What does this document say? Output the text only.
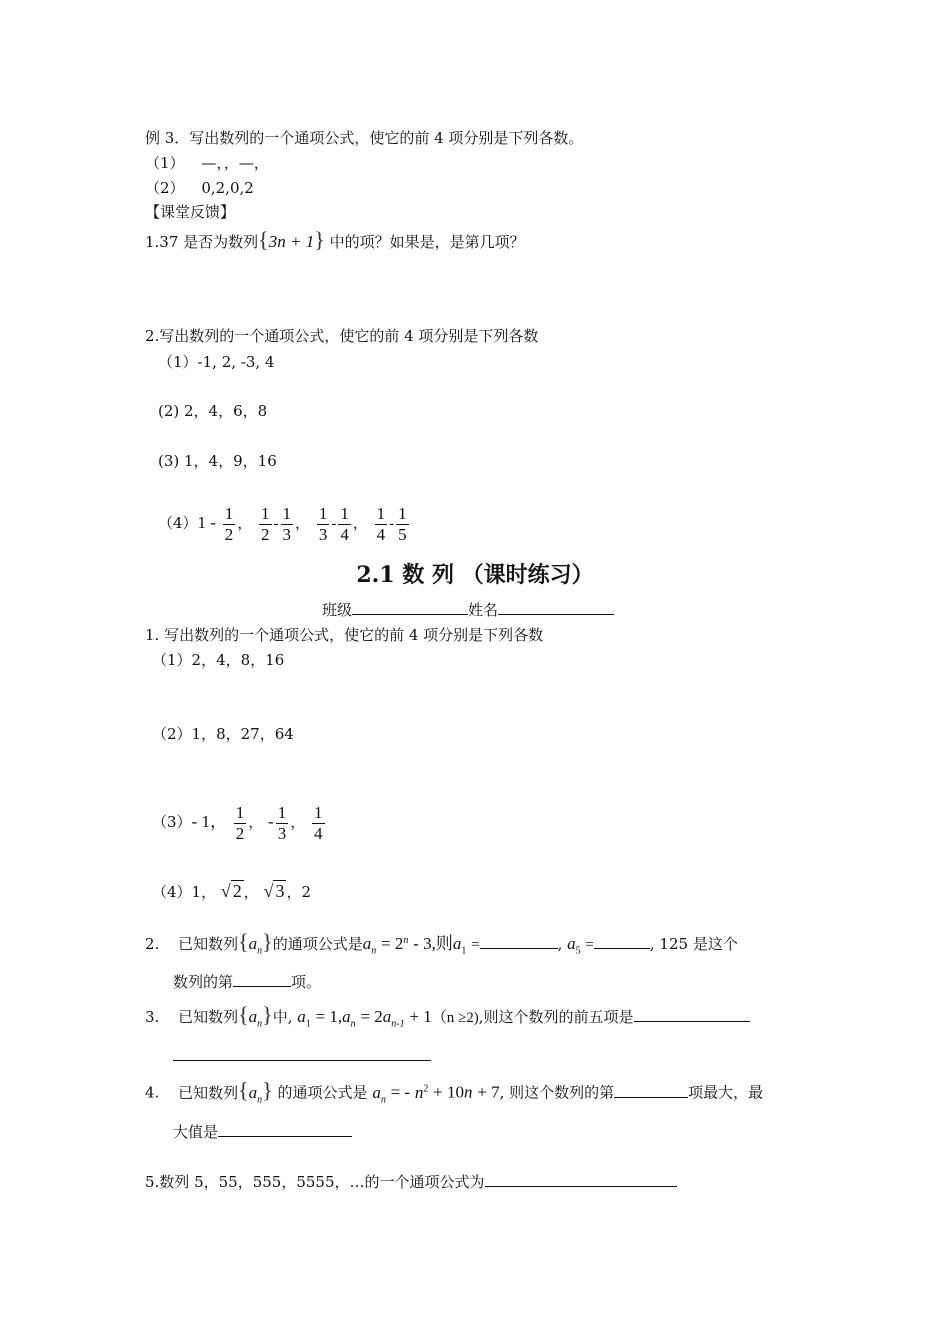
例 3．写出数列的一个通项公式，使它的前 4 项分别是下列各数。
（1） —，，—，
（2） 0,2,0,2
【课堂反馈】
1.37 是否为数列{3n + 1} 中的项？如果是，是第几项？
2.写出数列的一个通项公式，使它的前 4 项分别是下列各数
（1）-1, 2, -3, 4
(2) 2，4，6，8
(3) 1，4，9，16
$(4)1 - \frac{1}{2}$ ， $\frac{1}{2} - \frac{1}{3}$ ， $\frac{1}{3} - \frac{1}{4}$ ， $\frac{1}{4} - \frac{1}{5}$
2.1 数 列 （课时练习）
班级	姓名
1. 写出数列的一个通项公式，使它的前 4 项分别是下列各数
（1）2，4，8，16
（2）1，8，27，64
（3）- 1， $\frac{1}{2}$ ， - $\frac{1}{3}$ ， $\frac{1}{4}$
（4）1， √ 2 ， √ 3 ，2
2. 已知数列$\{a_n\}$的通项公式是$a_n = 2^n - 3$,则$a_1$ =	, $a_5$ =	, 125 是这个
数列的第	项。
3. 已知数列$\{a_n\}$中, $a_1 = 1,a_n = 2a_{n-1} + 1(n \ge 2)$,则这个数列的前五项是
4. 已知数列$\{a_n\}$ 的通项公式是 $a_n$ = - $n^2 + 10n + 7$, 则这个数列的第	项最大，最
大值是
5.数列 5，55，555，5555，…的一个通项公式为
